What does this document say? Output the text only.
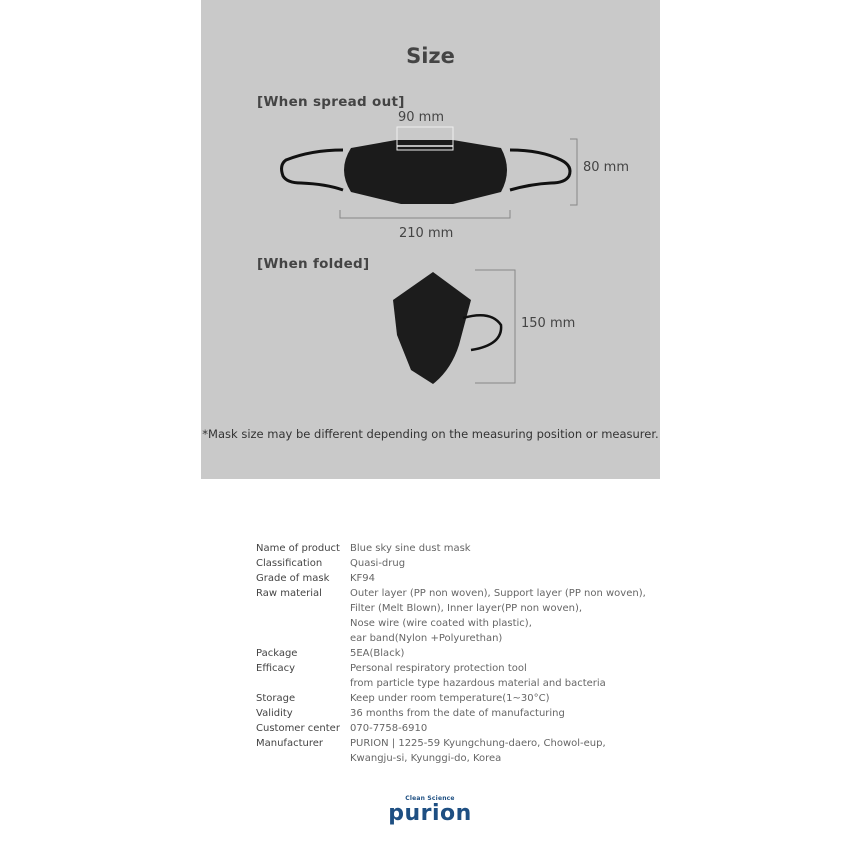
Size
[When spread out]
90 mm
80 mm
210 mm
[When folded]
150 mm
*Mask size may be different depending on the measuring position or measurer.
Name of product	Blue sky sine dust mask
Classification	Quasi-drug
Grade of mask	KF94
Raw material	Outer layer (PP non woven), Support layer (PP non woven),
Filter (Melt Blown), Inner layer(PP non woven),
Nose wire (wire coated with plastic),
ear band(Nylon +Polyurethan)
Package	5EA(Black)
Efficacy	Personal respiratory protection tool
from particle type hazardous material and bacteria
Storage	Keep under room temperature(1~30°C)
Validity	36 months from the date of manufacturing
Customer center	070-7758-6910
Manufacturer	PURION | 1225-59 Kyungchung-daero, Chowol-eup,
Kwangju-si, Kyunggi-do, Korea
Clean Science
purion
